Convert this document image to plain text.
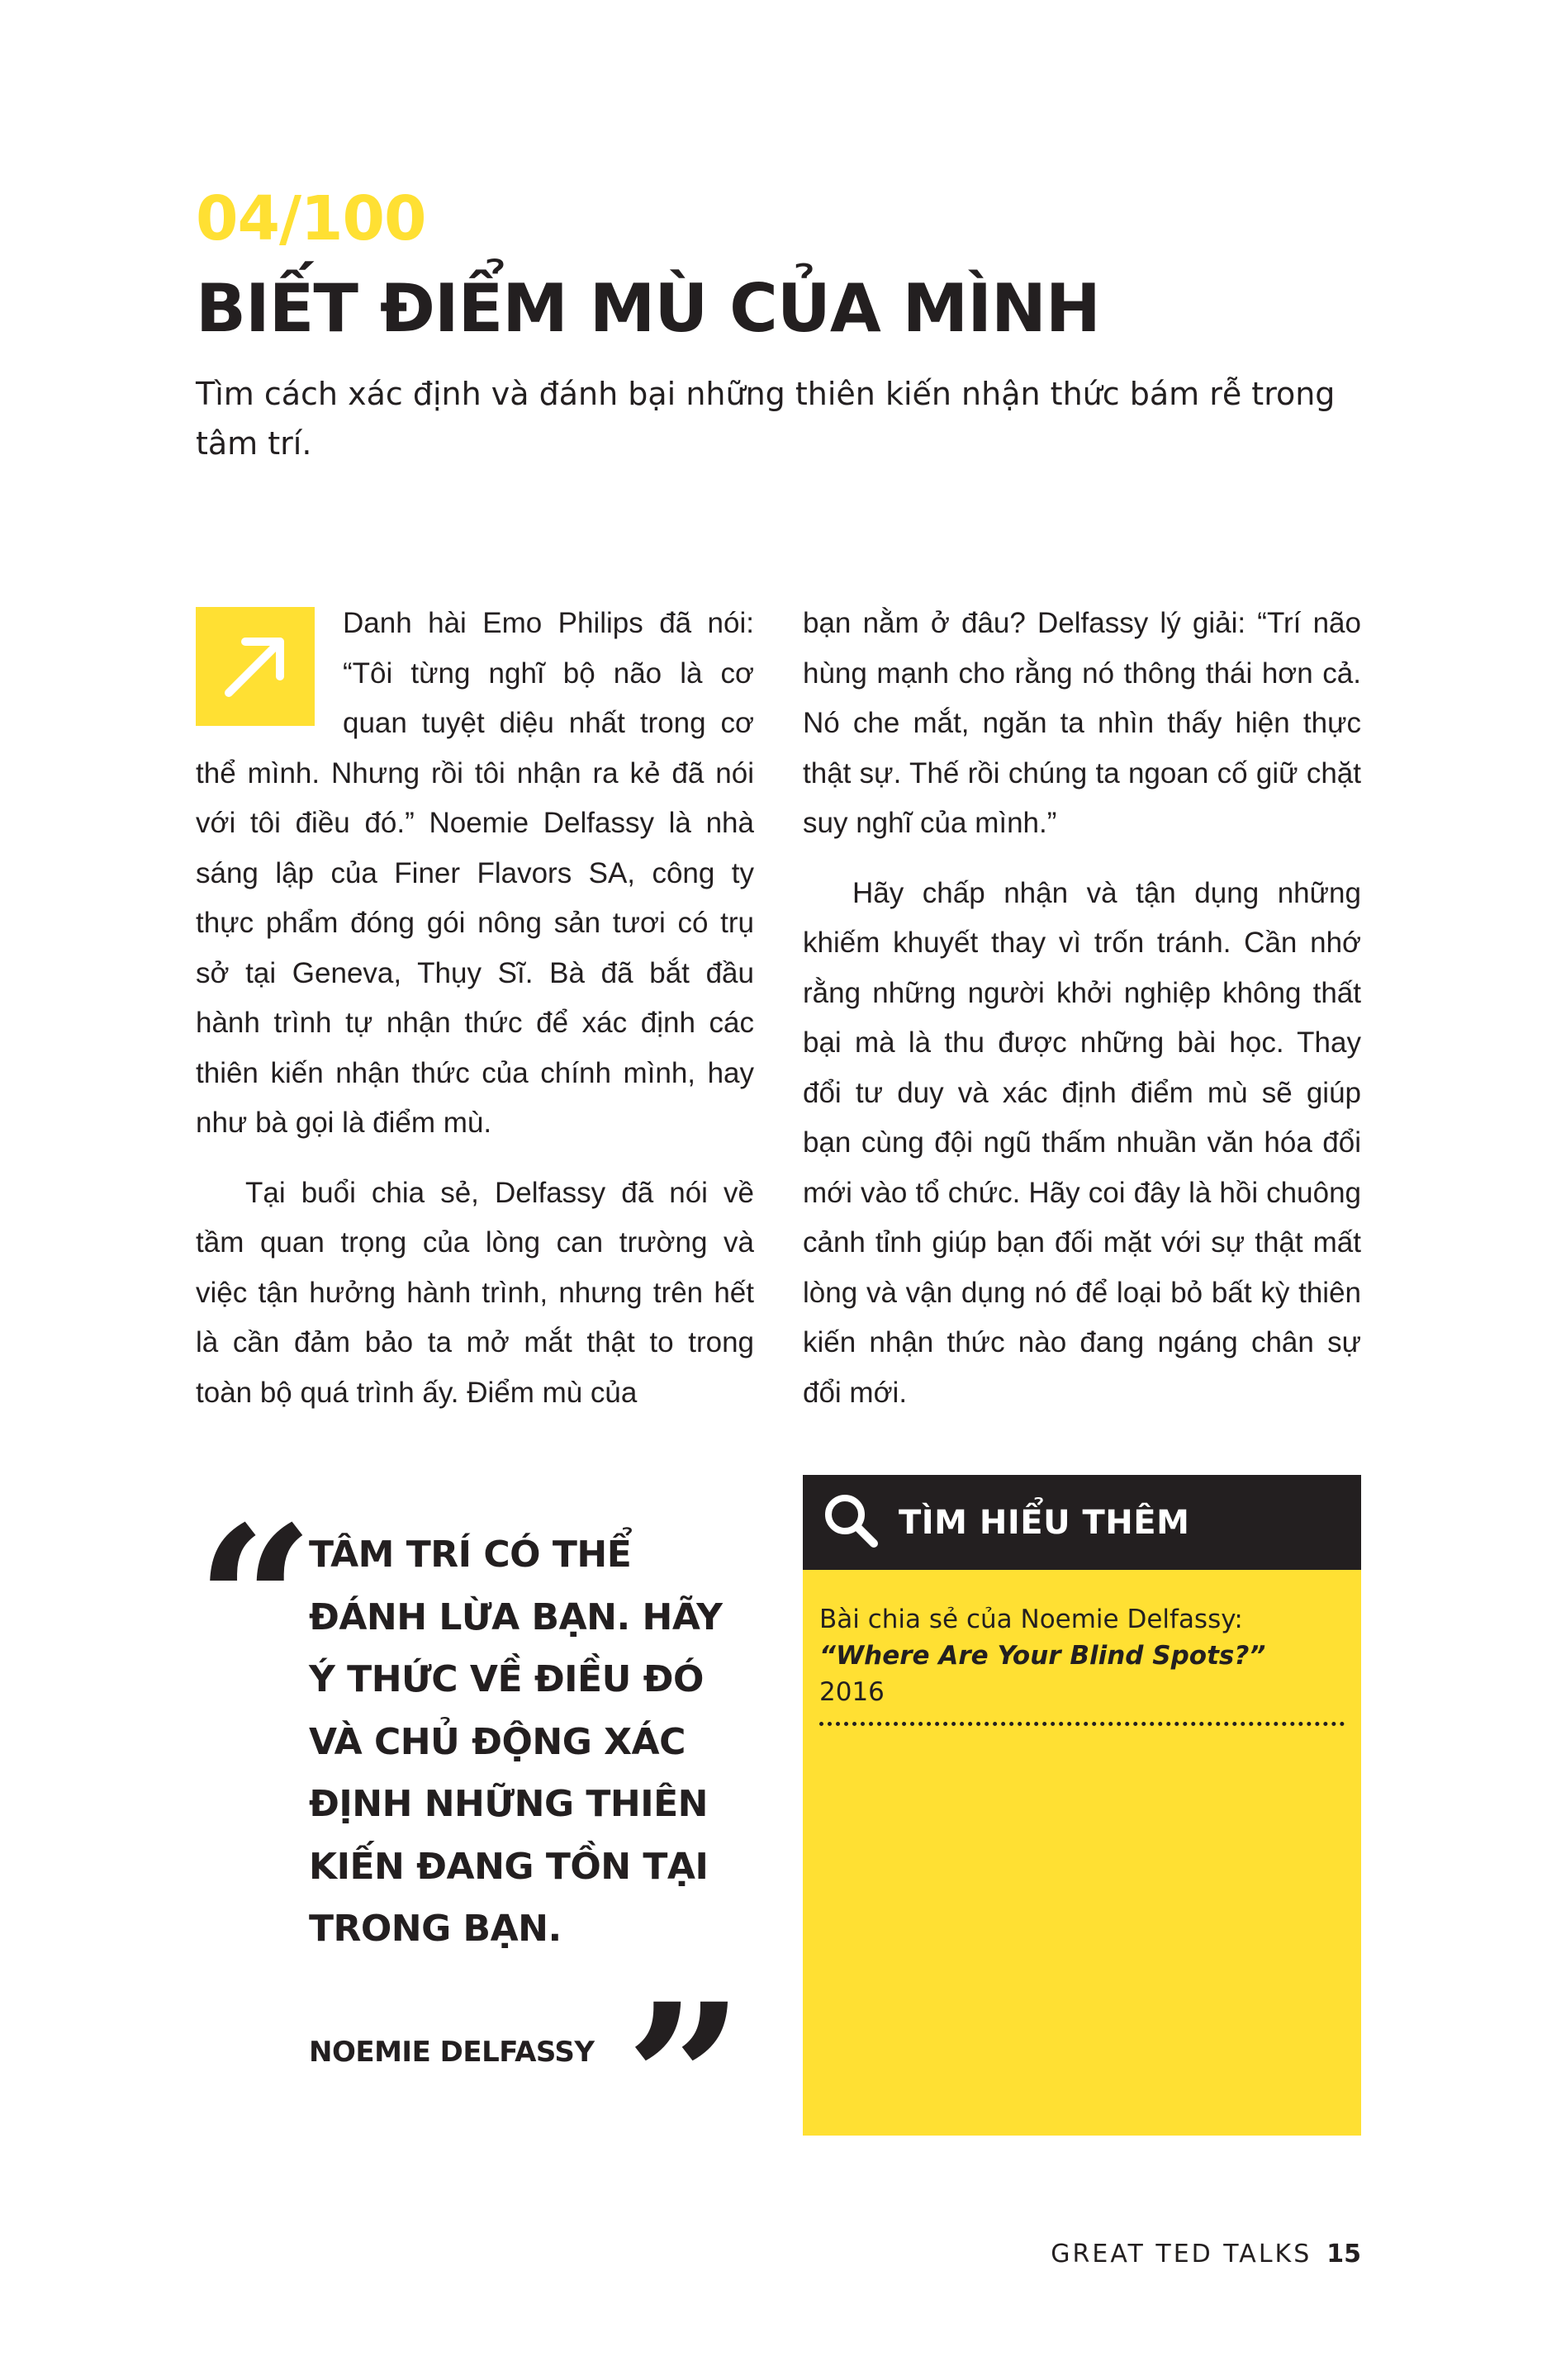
04/100
BIẾT ĐIỂM MÙ CỦA MÌNH

Tìm cách xác định và đánh bại những thiên kiến nhận thức bám rễ trong tâm trí.

Danh hài Emo Philips đã nói: “Tôi từng nghĩ bộ não là cơ quan tuyệt diệu nhất trong cơ thể mình. Nhưng rồi tôi nhận ra kẻ đã nói với tôi điều đó.” Noemie Delfassy là nhà sáng lập của Finer Flavors SA, công ty thực phẩm đóng gói nông sản tươi có trụ sở tại Geneva, Thụy Sĩ. Bà đã bắt đầu hành trình tự nhận thức để xác định các thiên kiến nhận thức của chính mình, hay như bà gọi là điểm mù.

Tại buổi chia sẻ, Delfassy đã nói về tầm quan trọng của lòng can trường và việc tận hưởng hành trình, nhưng trên hết là cần đảm bảo ta mở mắt thật to trong toàn bộ quá trình ấy. Điểm mù của

bạn nằm ở đâu? Delfassy lý giải: “Trí não hùng mạnh cho rằng nó thông thái hơn cả. Nó che mắt, ngăn ta nhìn thấy hiện thực thật sự. Thế rồi chúng ta ngoan cố giữ chặt suy nghĩ của mình.”

Hãy chấp nhận và tận dụng những khiếm khuyết thay vì trốn tránh. Cần nhớ rằng những người khởi nghiệp không thất bại mà là thu được những bài học. Thay đổi tư duy và xác định điểm mù sẽ giúp bạn cùng đội ngũ thấm nhuần văn hóa đổi mới vào tổ chức. Hãy coi đây là hồi chuông cảnh tỉnh giúp bạn đối mặt với sự thật mất lòng và vận dụng nó để loại bỏ bất kỳ thiên kiến nhận thức nào đang ngáng chân sự đổi mới.

“

TÂM TRÍ CÓ THỂ ĐÁNH LỪA BẠN. HÃY Ý THỨC VỀ ĐIỀU ĐÓ VÀ CHỦ ĐỘNG XÁC ĐỊNH NHỮNG THIÊN KIẾN ĐANG TỒN TẠI TRONG BẠN.

NOEMIE DELFASSY ”
TÌM HIỂU THÊM
Bài chia sẻ của Noemie Delfassy:
“Where Are Your Blind Spots?”
2016
GREAT TED TALKS 15
